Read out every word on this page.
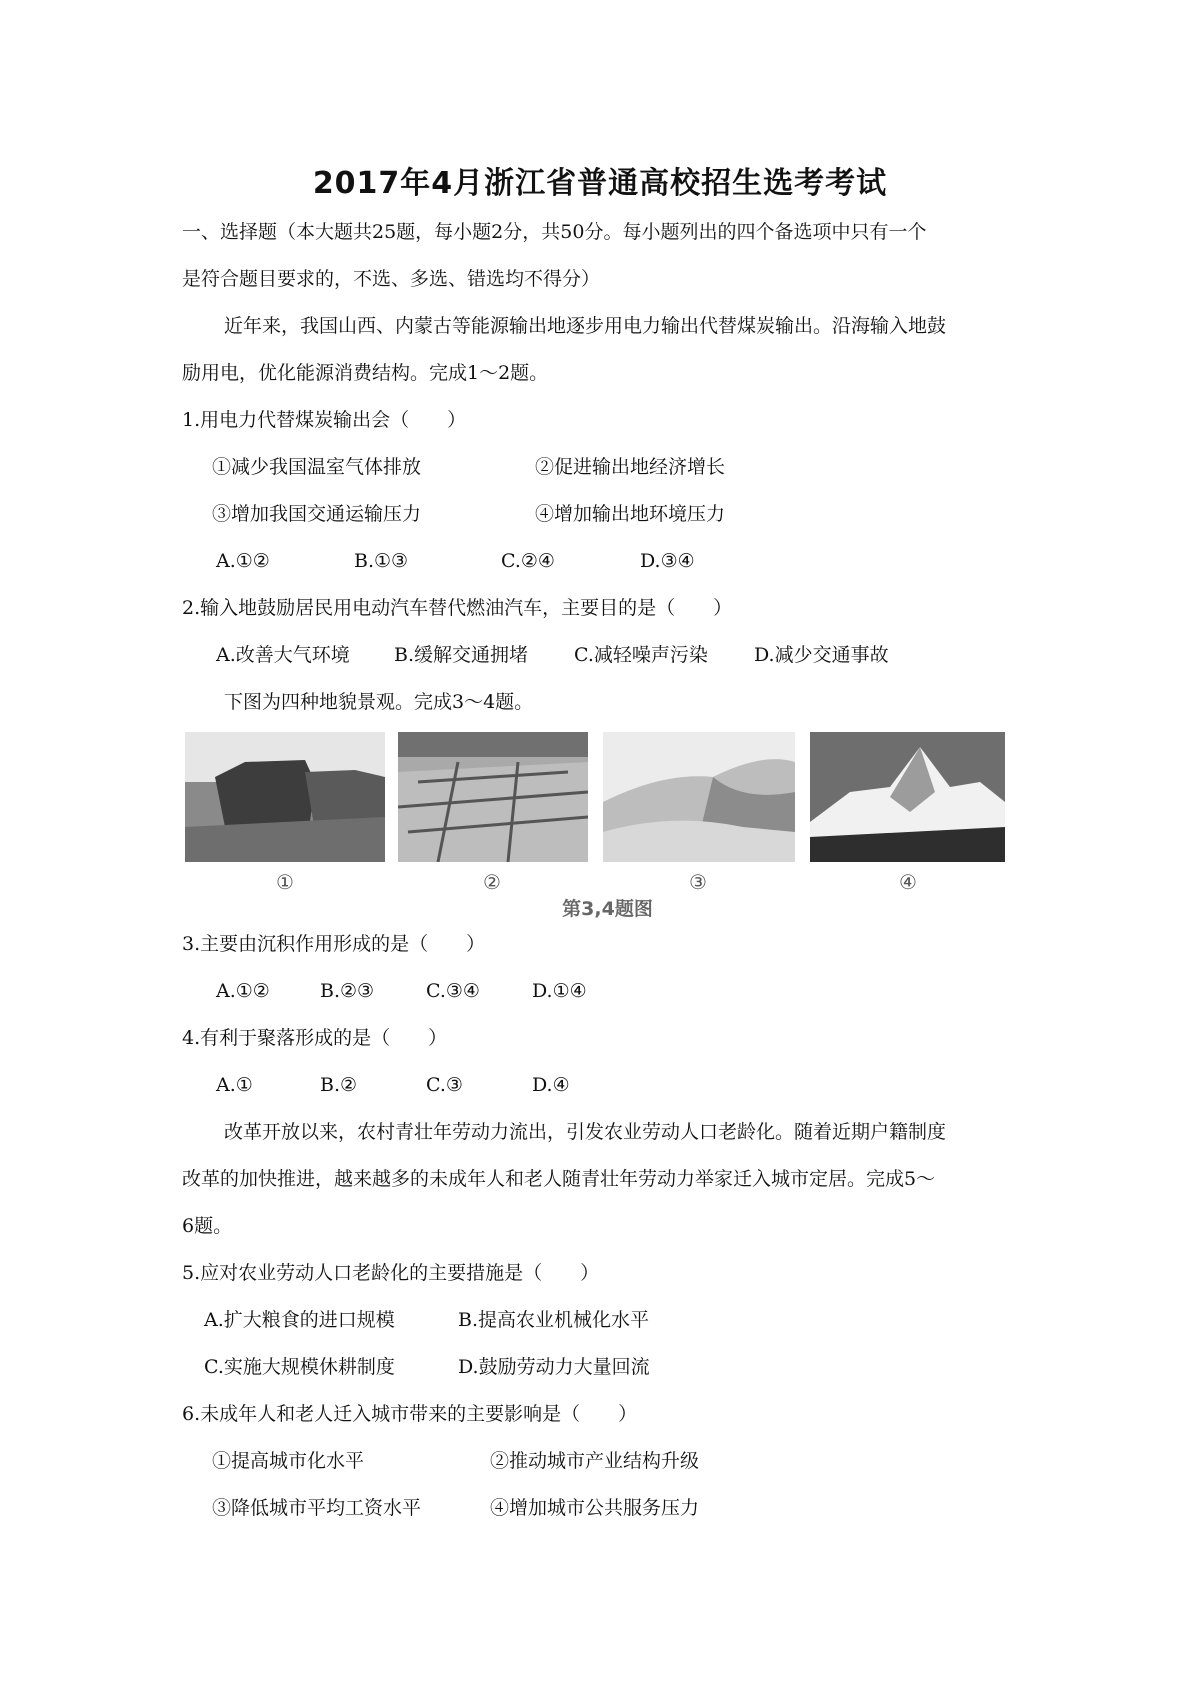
2017年4月浙江省普通高校招生选考考试
一、选择题（本大题共25题，每小题2分，共50分。每小题列出的四个备选项中只有一个
是符合题目要求的，不选、多选、错选均不得分）
近年来，我国山西、内蒙古等能源输出地逐步用电力输出代替煤炭输出。沿海输入地鼓
励用电，优化能源消费结构。完成1～2题。
1.用电力代替煤炭输出会（　　）
①减少我国温室气体排放	②促进输出地经济增长
③增加我国交通运输压力	④增加输出地环境压力
A.①②	B.①③	C.②④	D.③④
2.输入地鼓励居民用电动汽车替代燃油汽车，主要目的是（　　）
A.改善大气环境 B.缓解交通拥堵 C.减轻噪声污染 D.减少交通事故
下图为四种地貌景观。完成3～4题。
①	②	③	④
第3,4题图
3.主要由沉积作用形成的是（　　）
A.①②	B.②③	C.③④	D.①④
4.有利于聚落形成的是（　　）
A.①	B.②	C.③	D.④
改革开放以来，农村青壮年劳动力流出，引发农业劳动人口老龄化。随着近期户籍制度
改革的加快推进，越来越多的未成年人和老人随青壮年劳动力举家迁入城市定居。完成5～
6题。
5.应对农业劳动人口老龄化的主要措施是（　　）
A.扩大粮食的进口规模	B.提高农业机械化水平
C.实施大规模休耕制度	D.鼓励劳动力大量回流
6.未成年人和老人迁入城市带来的主要影响是（　　）
①提高城市化水平	②推动城市产业结构升级
③降低城市平均工资水平	④增加城市公共服务压力
